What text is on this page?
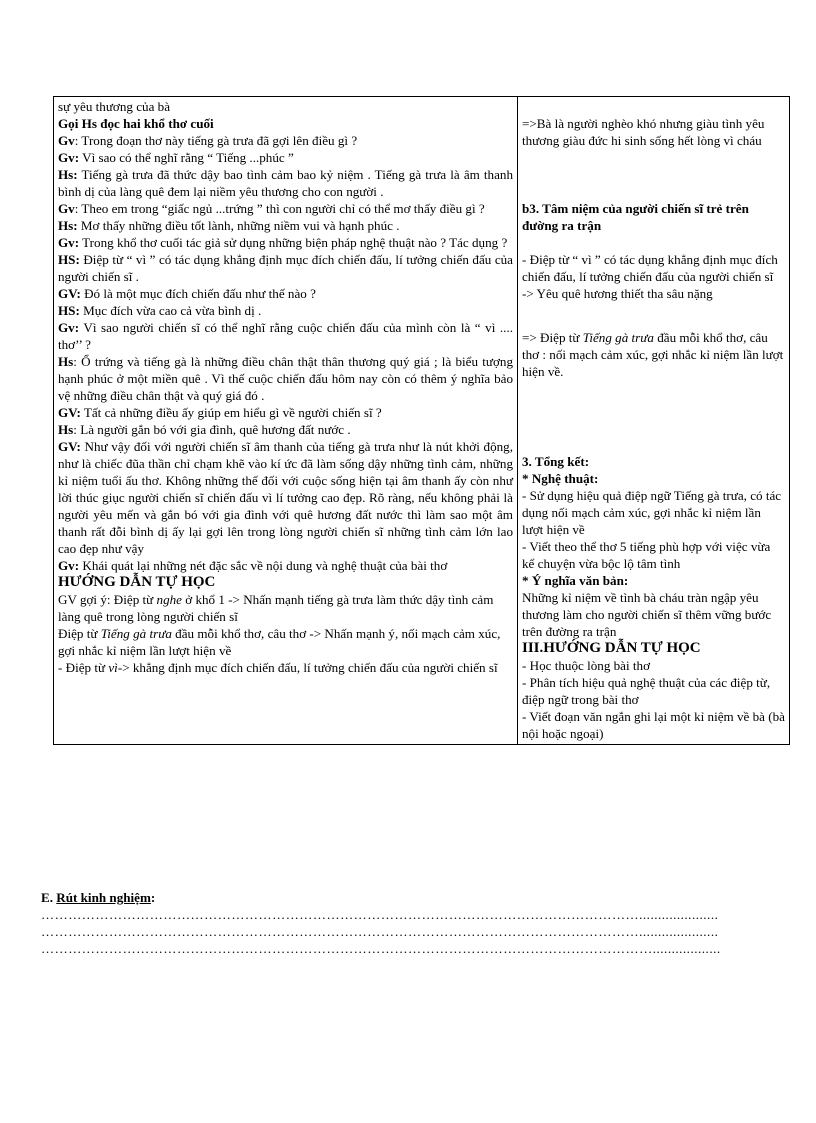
sự yêu thương của bà
Gọi Hs đọc hai khổ thơ cuối
Gv: Trong đoạn thơ này tiếng gà trưa đã gợi lên điều gì ?
Gv: Vì sao có thể nghĩ rằng “ Tiếng ...phúc ”
Hs: Tiếng gà trưa đã thức dậy bao tình cảm bao kỷ niệm . Tiếng gà trưa là âm thanh bình dị của làng quê đem lại niềm yêu thương cho con người .
Gv: Theo em trong “giấc ngủ ...trứng ” thì con người chỉ có thể mơ thấy điều gì ?
Hs: Mơ thấy những điều tốt lành, những niềm vui và hạnh phúc .
Gv: Trong khổ thơ cuối tác giả sử dụng những biện pháp nghệ thuật nào ? Tác dụng ?
HS: Điệp từ “ vì ” có tác dụng khẳng định mục đích chiến đấu, lí tưởng chiến đấu của người chiến sĩ .
GV: Đó là một mục đích chiến đấu như thế nào ?
HS: Mục đích vừa cao cả vừa bình dị .
Gv: Vì sao người chiến sĩ có thể nghĩ rằng cuộc chiến đấu của mình còn là “ vì .... thơ’’ ?
Hs: Ổ trứng và tiếng gà là những điều chân thật thân thương quý giá ; là biểu tượng hạnh phúc ở một miền quê . Vì thế cuộc chiến đấu hôm nay còn có thêm ý nghĩa bảo vệ những điều chân thật và quý giá đó .
GV: Tất cả những điều ấy giúp em hiểu gì về người chiến sĩ ?
Hs: Là người gắn bó với gia đình, quê hương đất nước .
GV: Như vậy đối với người chiến sĩ âm thanh của tiếng gà trưa như là nút khởi động, như là chiếc đũa thần chỉ chạm khẽ vào kí ức đã làm sống dậy những tình cảm, những kỉ niệm tuổi ấu thơ. Không những thế đối với cuộc sống hiện tại âm thanh ấy còn như lời thúc giục người chiến sĩ chiến đấu vì lí tưởng cao đẹp. Rõ ràng, nếu không phải là người yêu mến và gắn bó với gia đình với quê hương đất nước thì làm sao một âm thanh rất đỗi bình dị ấy lại gợi lên trong lòng người chiến sĩ những tình cảm lớn lao cao đẹp như vậy
Gv: Khái quát lại những nét đặc sắc về nội dung và nghệ thuật của bài thơ
HƯỚNG DẪN TỰ HỌC
GV gợi ý: Điệp từ nghe ở khổ 1 -> Nhấn mạnh tiếng gà trưa làm thức dậy tình cảm làng quê trong lòng người chiến sĩ
Điệp từ Tiếng gà trưa đầu mỗi khổ thơ, câu thơ -> Nhấn mạnh ý, nối mạch cảm xúc, gợi nhắc kỉ niệm lần lượt hiện về
- Điệp từ vì-> khẳng định mục đích chiến đấu, lí tưởng chiến đấu của người chiến sĩ

=>Bà là người nghèo khó nhưng giàu tình yêu thương giàu đức hi sinh sống hết lòng vì cháu
b3. Tâm niệm của người chiến sĩ trẻ trên đường ra trận
- Điệp từ “ vì ” có tác dụng khẳng định mục đích chiến đấu, lí tưởng chiến đấu của người chiến sĩ
-> Yêu quê hương thiết tha sâu nặng
=> Điệp từ Tiếng gà trưa đầu mỗi khổ thơ, câu thơ : nối mạch cảm xúc, gợi nhắc kỉ niệm lần lượt hiện về.
3. Tổng kết:
* Nghệ thuật:
- Sử dụng hiệu quả điệp ngữ Tiếng gà trưa, có tác dụng nối mạch cảm xúc, gợi nhắc kỉ niệm lần lượt hiện về
- Viết theo thể thơ 5 tiếng phù hợp với việc vừa kể chuyện vừa bộc lộ tâm tình
* Ý nghĩa văn bản:
Những kỉ niệm về tình bà cháu tràn ngập yêu thương làm cho người chiến sĩ thêm vững bước trên đường ra trận
III.HƯỚNG DẪN TỰ HỌC
- Học thuộc lòng bài thơ
- Phân tích hiệu quả nghệ thuật của các điệp từ, điệp ngữ trong bài thơ
- Viết đoạn văn ngắn ghi lại một kỉ niệm về bà (bà nội hoặc ngoại)
E. Rút kinh nghiệm:
…………………………………………………………………………………………………………………….....................
…………………………………………………………………………………………………………………….....................
………………………………………………………………………………………………………………………..................
